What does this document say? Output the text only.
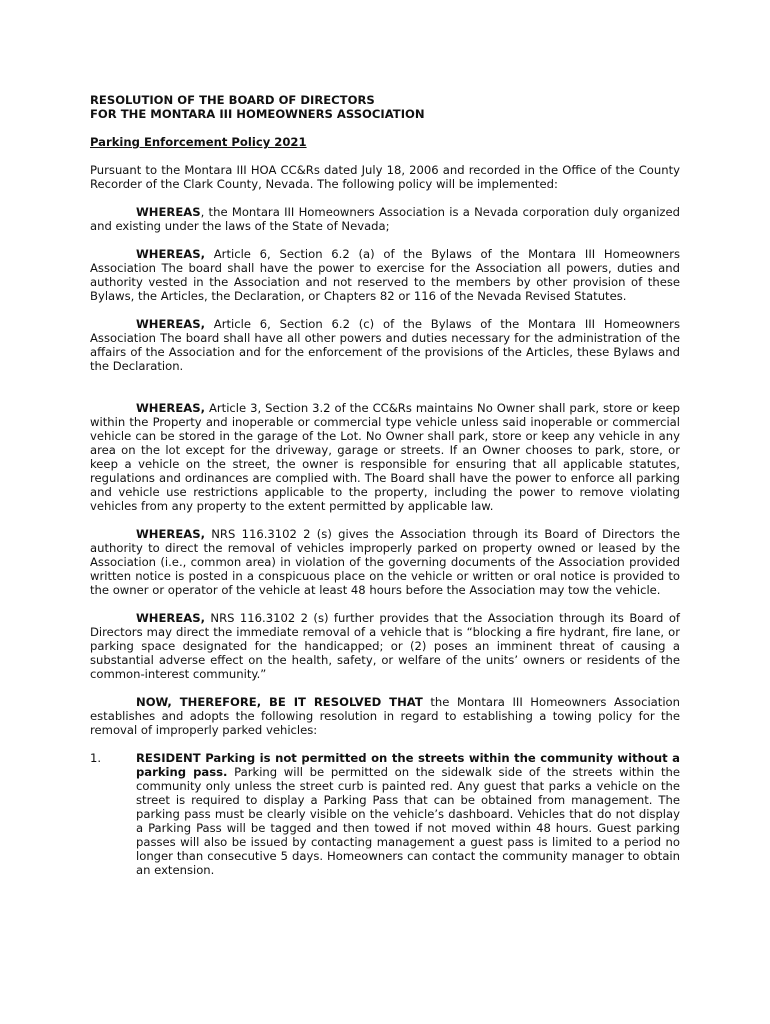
RESOLUTION OF THE BOARD OF DIRECTORS

FOR THE MONTARA III HOMEOWNERS ASSOCIATION

Parking Enforcement Policy 2021

Pursuant to the Montara III HOA CC&Rs dated July 18, 2006 and recorded in the Office of the County Recorder of the Clark County, Nevada. The following policy will be implemented:

WHEREAS, the Montara III Homeowners Association is a Nevada corporation duly organized and existing under the laws of the State of Nevada;

WHEREAS, Article 6, Section 6.2 (a) of the Bylaws of the Montara III Homeowners Association The board shall have the power to exercise for the Association all powers, duties and authority vested in the Association and not reserved to the members by other provision of these Bylaws, the Articles, the Declaration, or Chapters 82 or 116 of the Nevada Revised Statutes.

WHEREAS, Article 6, Section 6.2 (c) of the Bylaws of the Montara III Homeowners Association The board shall have all other powers and duties necessary for the administration of the affairs of the Association and for the enforcement of the provisions of the Articles, these Bylaws and the Declaration.

WHEREAS, Article 3, Section 3.2 of the CC&Rs maintains No Owner shall park, store or keep within the Property and inoperable or commercial type vehicle unless said inoperable or commercial vehicle can be stored in the garage of the Lot. No Owner shall park, store or keep any vehicle in any area on the lot except for the driveway, garage or streets. If an Owner chooses to park, store, or keep a vehicle on the street, the owner is responsible for ensuring that all applicable statutes, regulations and ordinances are complied with. The Board shall have the power to enforce all parking and vehicle use restrictions applicable to the property, including the power to remove violating vehicles from any property to the extent permitted by applicable law.

WHEREAS, NRS 116.3102 2 (s) gives the Association through its Board of Directors the authority to direct the removal of vehicles improperly parked on property owned or leased by the Association (i.e., common area) in violation of the governing documents of the Association provided written notice is posted in a conspicuous place on the vehicle or written or oral notice is provided to the owner or operator of the vehicle at least 48 hours before the Association may tow the vehicle.

WHEREAS, NRS 116.3102 2 (s) further provides that the Association through its Board of Directors may direct the immediate removal of a vehicle that is “blocking a fire hydrant, fire lane, or parking space designated for the handicapped; or (2) poses an imminent threat of causing a substantial adverse effect on the health, safety, or welfare of the units’ owners or residents of the common-interest community.”

NOW, THEREFORE, BE IT RESOLVED THAT the Montara III Homeowners Association establishes and adopts the following resolution in regard to establishing a towing policy for the removal of improperly parked vehicles:

1.	RESIDENT Parking is not permitted on the streets within the community without a parking pass. Parking will be permitted on the sidewalk side of the streets within the community only unless the street curb is painted red. Any guest that parks a vehicle on the street is required to display a Parking Pass that can be obtained from management. The parking pass must be clearly visible on the vehicle’s dashboard. Vehicles that do not display a Parking Pass will be tagged and then towed if not moved within 48 hours. Guest parking passes will also be issued by contacting management a guest pass is limited to a period no longer than consecutive 5 days. Homeowners can contact the community manager to obtain an extension.
